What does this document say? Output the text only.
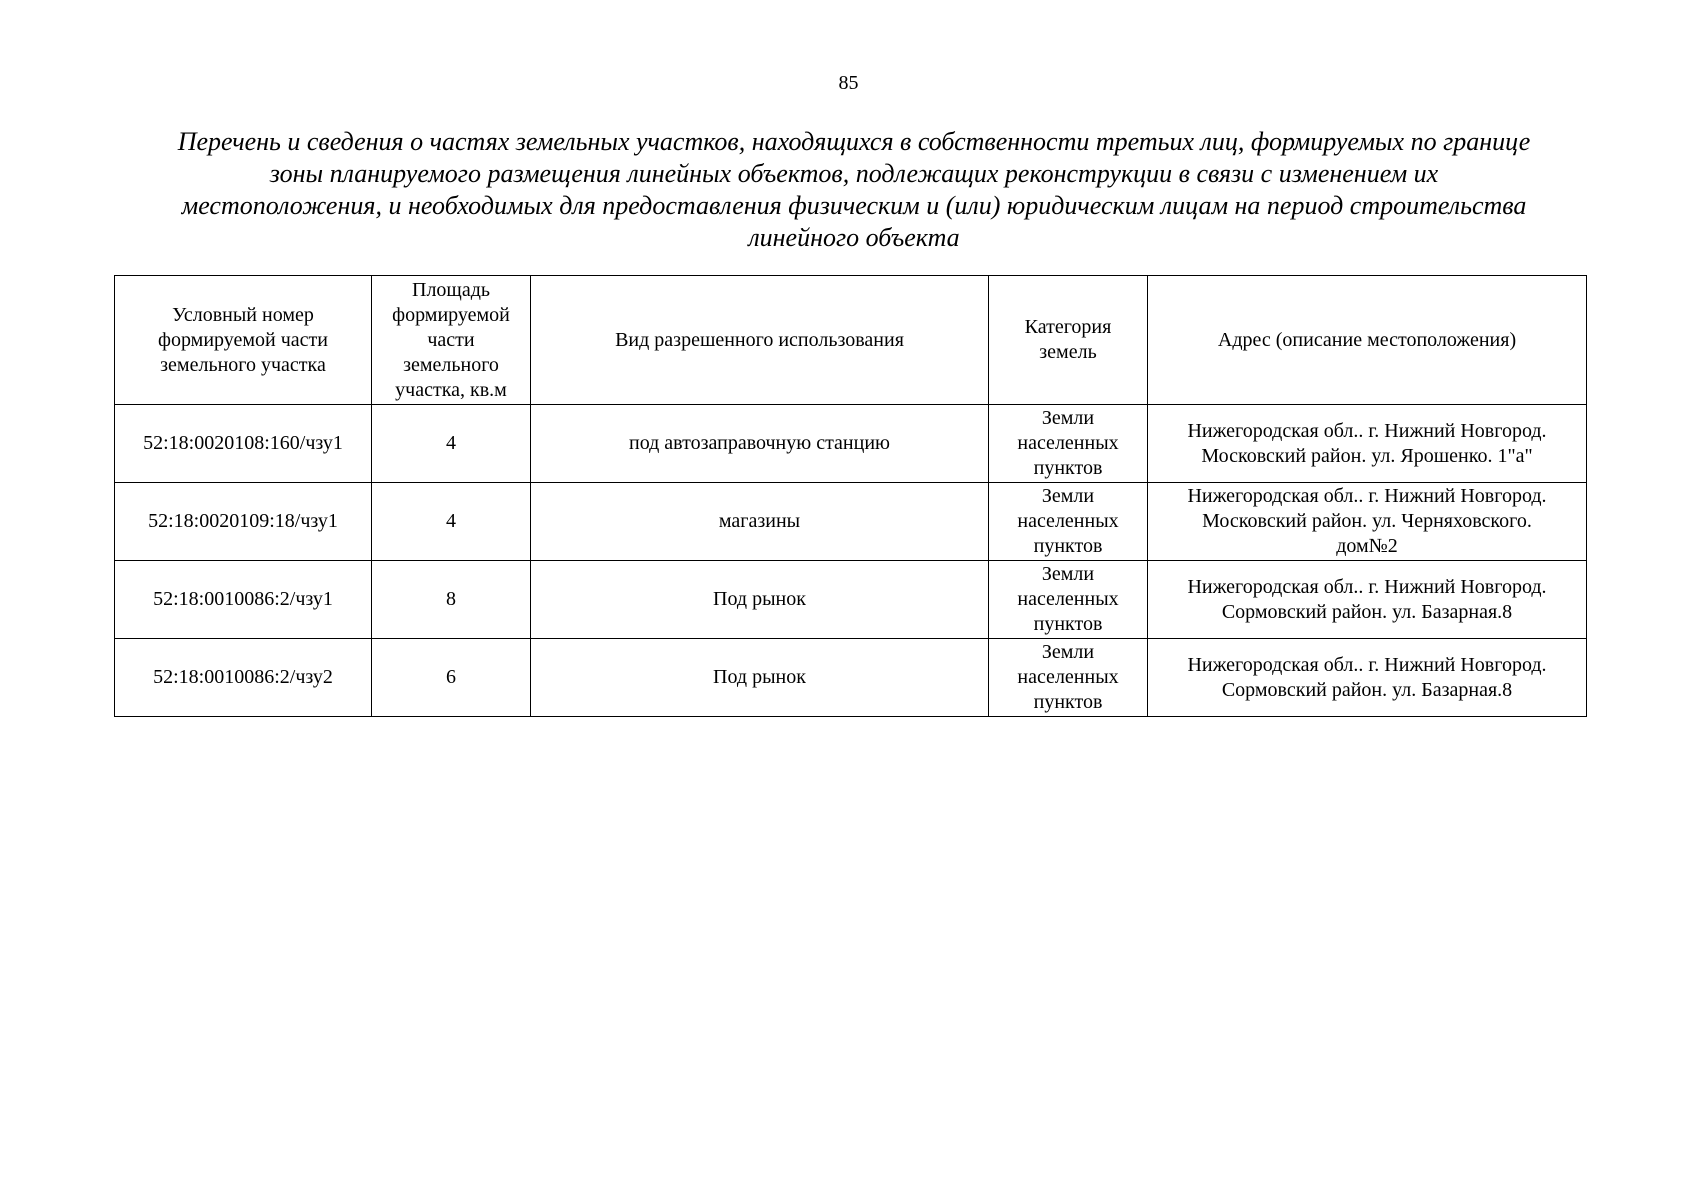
85
Перечень и сведения о частях земельных участков, находящихся в собственности третьих лиц, формируемых по границе
зоны планируемого размещения линейных объектов, подлежащих реконструкции в связи с изменением их
местоположения, и необходимых для предоставления физическим и (или) юридическим лицам на период строительства
линейного объекта
Условный номер
формируемой части
земельного участка	Площадь
формируемой
части
земельного
участка, кв.м	Вид разрешенного использования	Категория
земель	Адрес (описание местоположения)

52:18:0020108:160/чзу1	4	под автозаправочную станцию	Земли
населенных
пунктов	Нижегородская обл.. г. Нижний Новгород.
Московский район. ул. Ярошенко. 1"а"

52:18:0020109:18/чзу1	4	магазины	Земли
населенных
пунктов	Нижегородская обл.. г. Нижний Новгород.
Московский район. ул. Черняховского.
дом№2

52:18:0010086:2/чзу1	8	Под рынок	Земли
населенных
пунктов	Нижегородская обл.. г. Нижний Новгород.
Сормовский район. ул. Базарная.8

52:18:0010086:2/чзу2	6	Под рынок	Земли
населенных
пунктов	Нижегородская обл.. г. Нижний Новгород.
Сормовский район. ул. Базарная.8
